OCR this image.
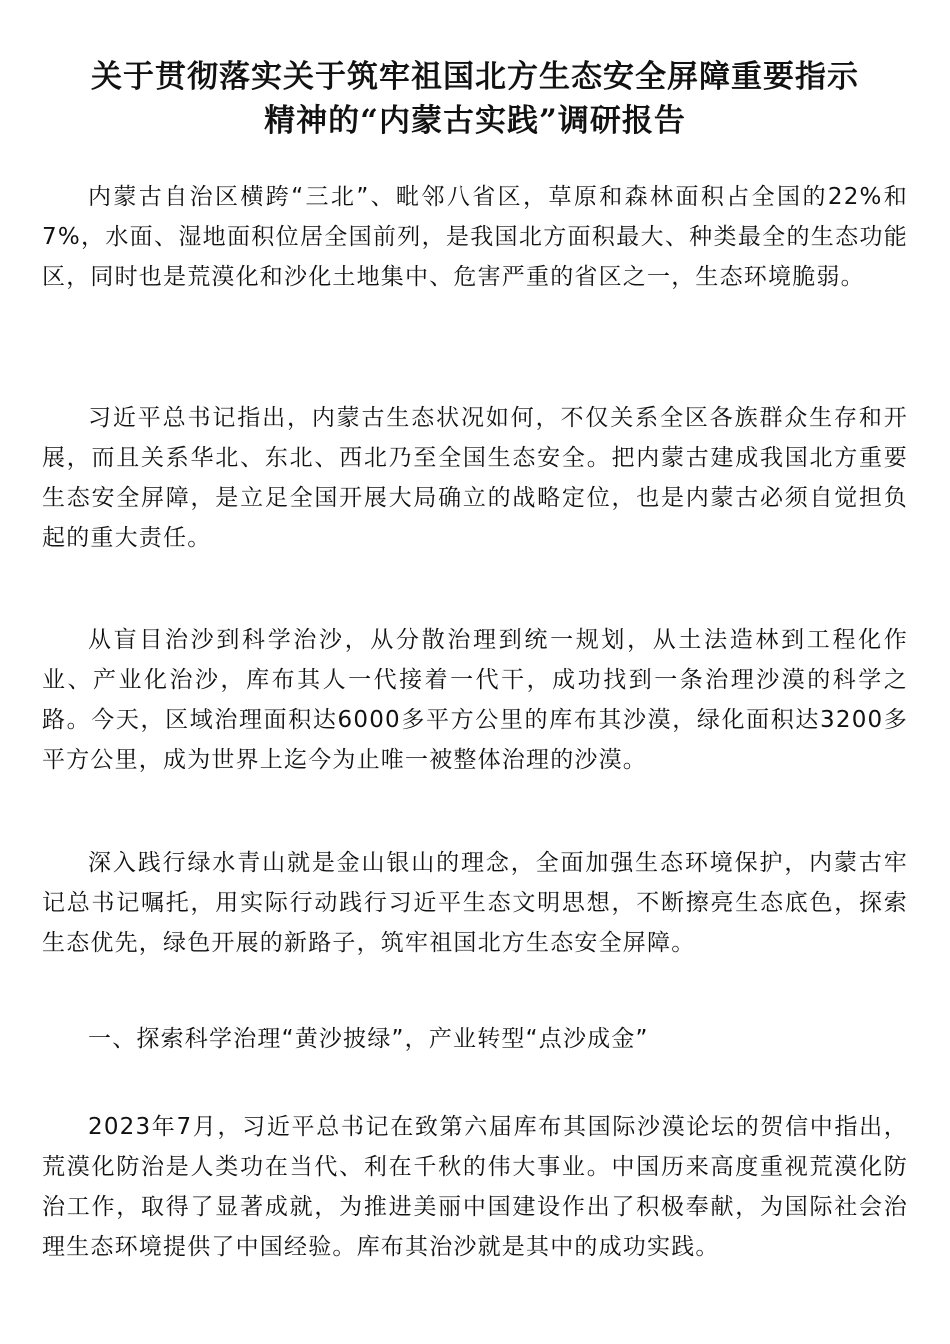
关于贯彻落实关于筑牢祖国北方生态安全屏障重要指示
精神的“内蒙古实践”调研报告

内蒙古自治区横跨“三北”、毗邻八省区，草原和森林面积占全国的22%和7%，水面、湿地面积位居全国前列，是我国北方面积最大、种类最全的生态功能区，同时也是荒漠化和沙化土地集中、危害严重的省区之一，生态环境脆弱。

习近平总书记指出，内蒙古生态状况如何，不仅关系全区各族群众生存和开展，而且关系华北、东北、西北乃至全国生态安全。把内蒙古建成我国北方重要生态安全屏障，是立足全国开展大局确立的战略定位，也是内蒙古必须自觉担负起的重大责任。

从盲目治沙到科学治沙，从分散治理到统一规划，从土法造林到工程化作业、产业化治沙，库布其人一代接着一代干，成功找到一条治理沙漠的科学之路。今天，区域治理面积达6000多平方公里的库布其沙漠，绿化面积达3200多平方公里，成为世界上迄今为止唯一被整体治理的沙漠。

深入践行绿水青山就是金山银山的理念，全面加强生态环境保护，内蒙古牢记总书记嘱托，用实际行动践行习近平生态文明思想，不断擦亮生态底色，探索生态优先，绿色开展的新路子，筑牢祖国北方生态安全屏障。

一、探索科学治理“黄沙披绿”，产业转型“点沙成金”

2023年7月，习近平总书记在致第六届库布其国际沙漠论坛的贺信中指出，荒漠化防治是人类功在当代、利在千秋的伟大事业。中国历来高度重视荒漠化防治工作，取得了显著成就，为推进美丽中国建设作出了积极奉献，为国际社会治理生态环境提供了中国经验。库布其治沙就是其中的成功实践。
